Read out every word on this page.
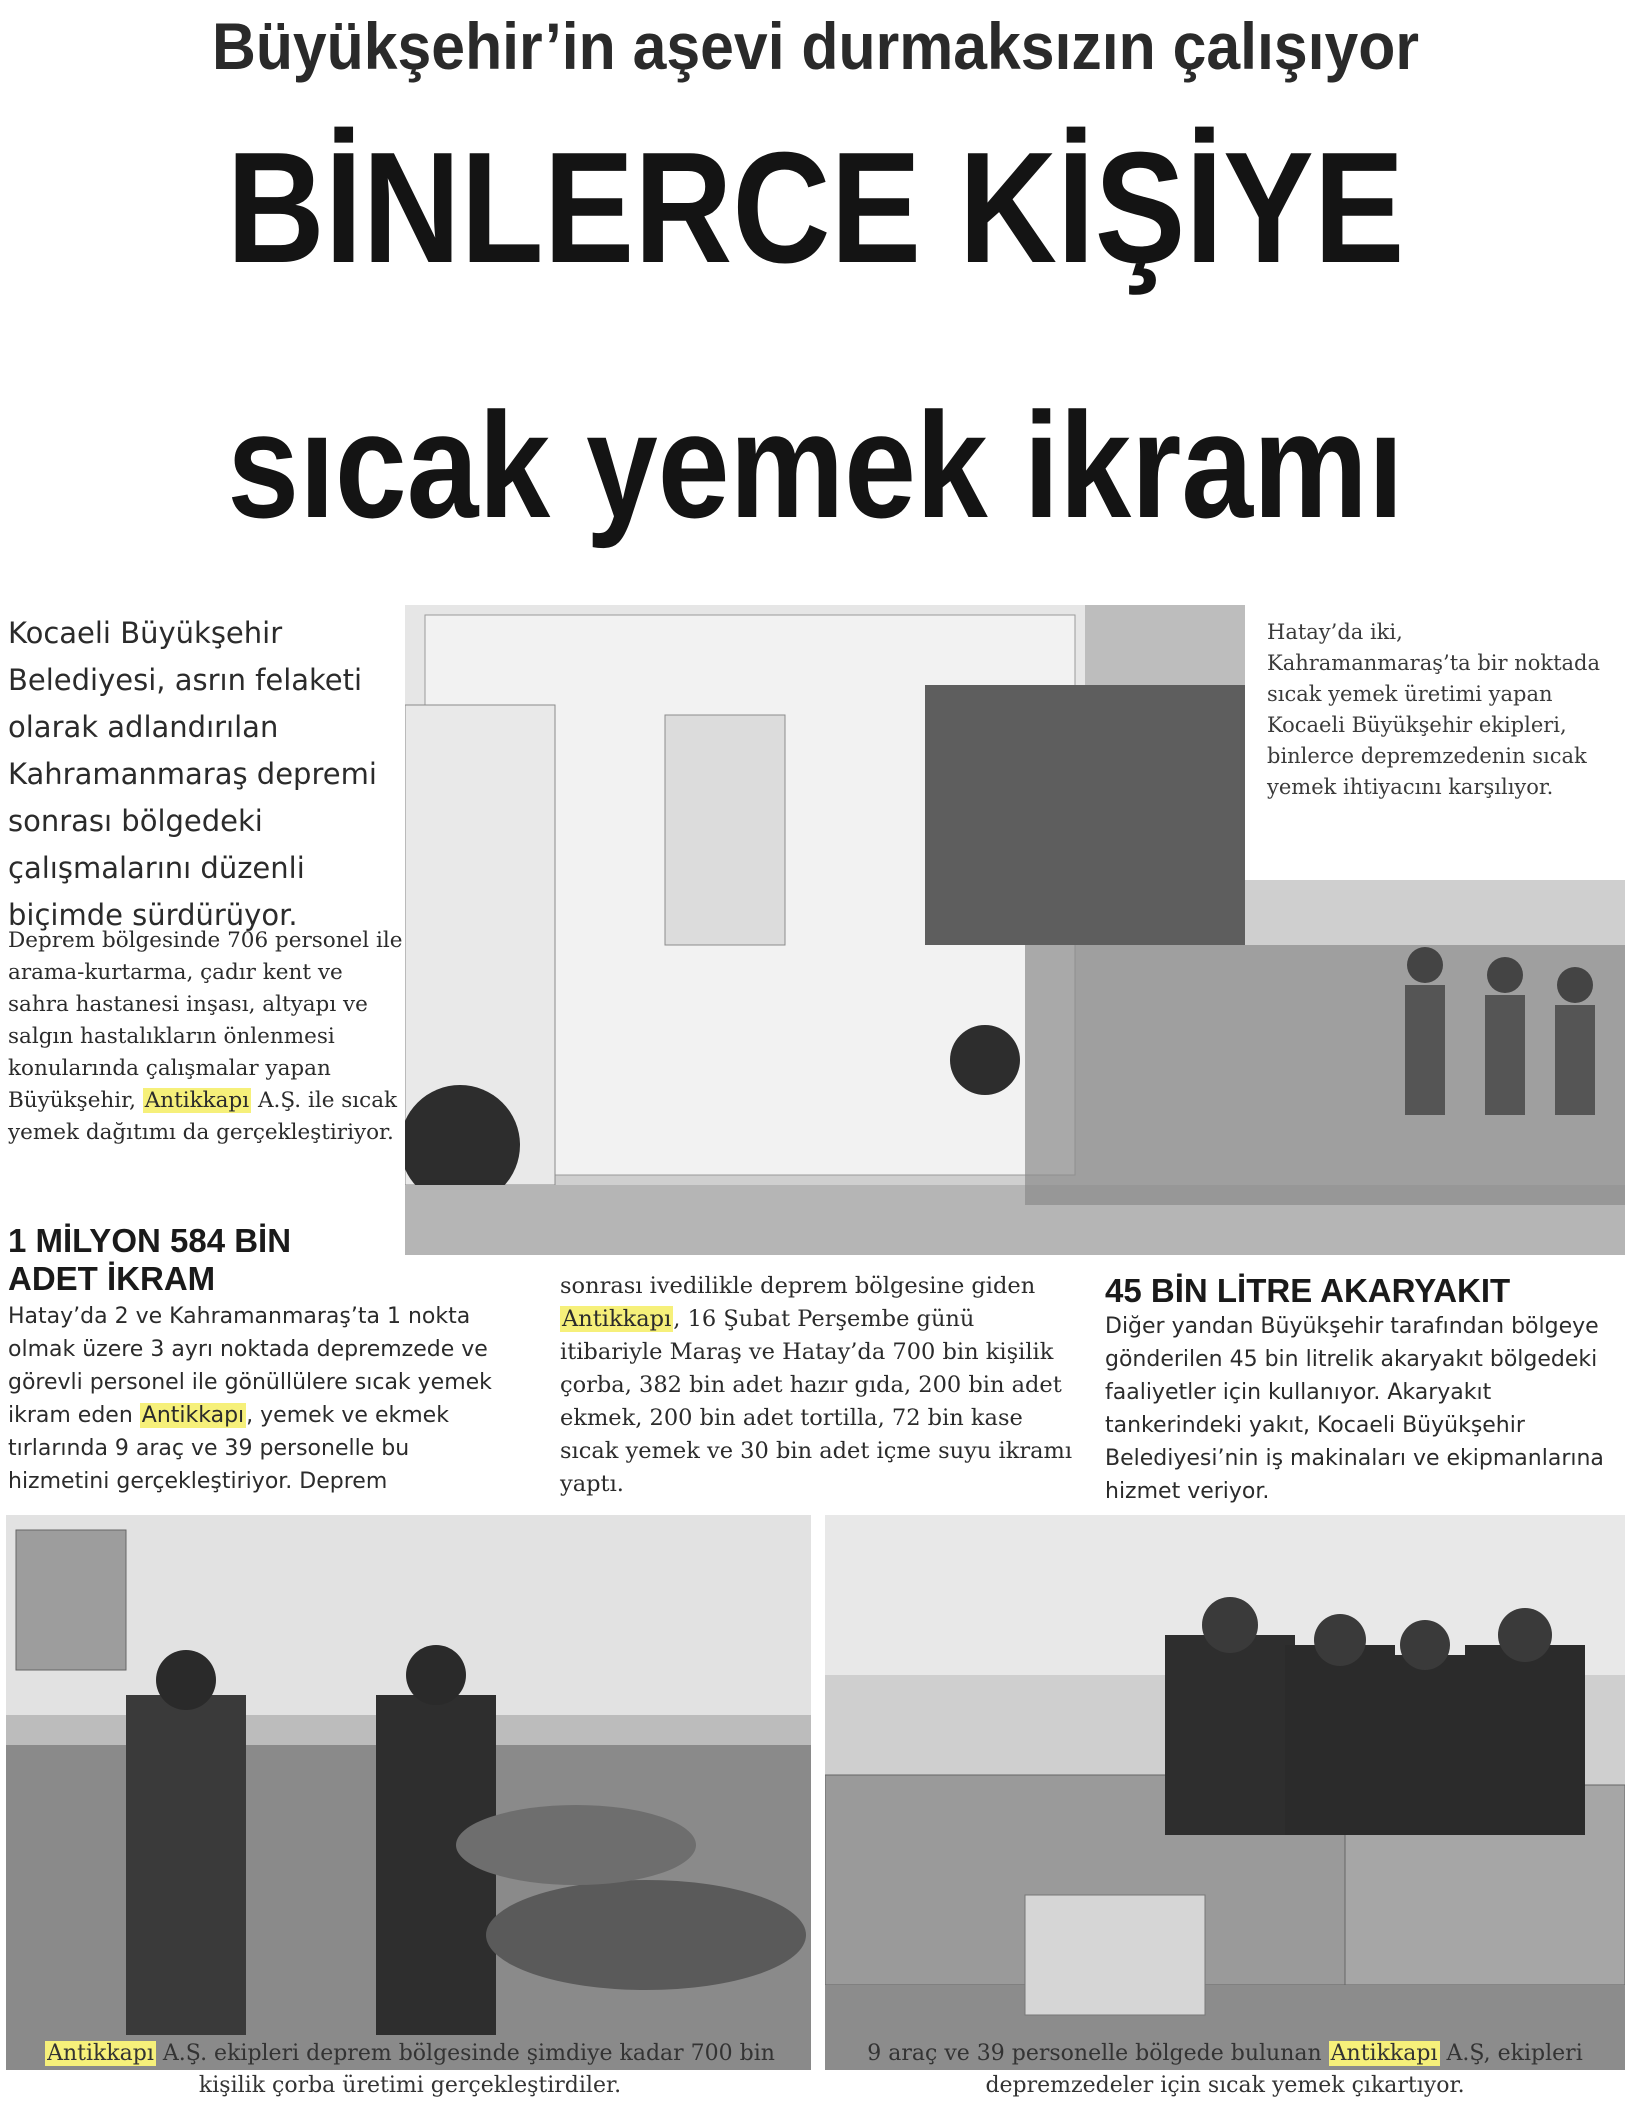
Büyükşehir’in aşevi durmaksızın çalışıyor
BİNLERCE KİŞİYE
sıcak yemek ikramı
Kocaeli Büyükşehir Belediyesi, asrın felaketi olarak adlandırılan Kahramanmaraş depremi sonrası bölgedeki çalışmalarını düzenli biçimde sürdürüyor.
Deprem bölgesinde 706 personel ile arama-kurtarma, çadır kent ve sahra hastanesi inşası, altyapı ve salgın hastalıkların önlenmesi konularında çalışmalar yapan Büyükşehir, Antikkapı A.Ş. ile sıcak yemek dağıtımı da gerçekleştiriyor.
Hatay’da iki, Kahramanmaraş’ta bir noktada sıcak yemek üretimi yapan Kocaeli Büyükşehir ekipleri, binlerce depremzedenin sıcak yemek ihtiyacını karşılıyor.
1 MİLYON 584 BİN
ADET İKRAM
Hatay’da 2 ve Kahramanmaraş’ta 1 nokta olmak üzere 3 ayrı noktada depremzede ve görevli personel ile gönüllülere sıcak yemek ikram eden Antikkapı, yemek ve ekmek tırlarında 9 araç ve 39 personelle bu hizmetini gerçekleştiriyor. Deprem
sonrası ivedilikle deprem bölgesine giden Antikkapı, 16 Şubat Perşembe günü itibariyle Maraş ve Hatay’da 700 bin kişilik çorba, 382 bin adet hazır gıda, 200 bin adet ekmek, 200 bin adet tortilla, 72 bin kase sıcak yemek ve 30 bin adet içme suyu ikramı yaptı.
45 BİN LİTRE AKARYAKIT
Diğer yandan Büyükşehir tarafından bölgeye gönderilen 45 bin litrelik akaryakıt bölgedeki faaliyetler için kullanıyor. Akaryakıt tankerindeki yakıt, Kocaeli Büyükşehir Belediyesi’nin iş makinaları ve ekipmanlarına hizmet veriyor.
Antikkapı A.Ş. ekipleri deprem bölgesinde şimdiye kadar 700 bin kişilik çorba üretimi gerçekleştirdiler.
9 araç ve 39 personelle bölgede bulunan Antikkapı A.Ş, ekipleri depremzedeler için sıcak yemek çıkartıyor.
